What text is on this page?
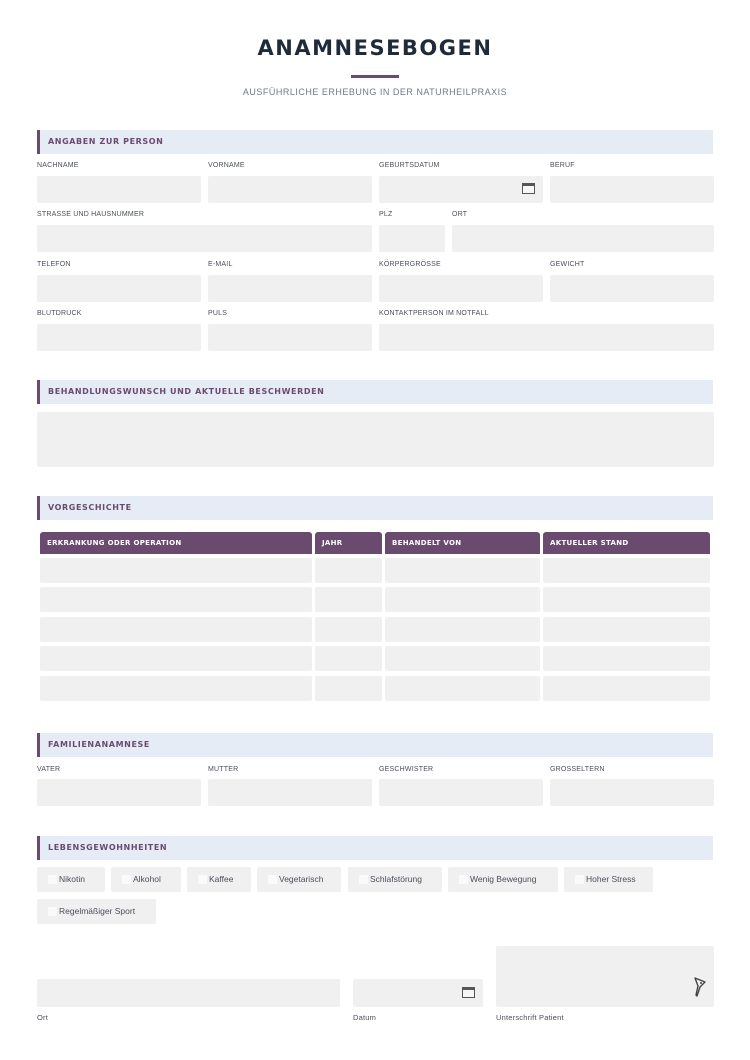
ANAMNESEBOGEN
AUSFÜHRLICHE ERHEBUNG IN DER NATURHEILPRAXIS
ANGABEN ZUR PERSON
NACHNAME	VORNAME	GEBURTSDATUM	BERUF
STRASSE UND HAUSNUMMER	PLZ	ORT
TELEFON	E-MAIL	KÖRPERGRÖSSE	GEWICHT
BLUTDRUCK	PULS	KONTAKTPERSON IM NOTFALL
BEHANDLUNGSWUNSCH UND AKTUELLE BESCHWERDEN
VORGESCHICHTE
ERKRANKUNG ODER OPERATION	JAHR	BEHANDELT VON	AKTUELLER STAND
FAMILIENANAMNESE
VATER	MUTTER	GESCHWISTER	GROSSELTERN
LEBENSGEWOHNHEITEN
Nikotin	Alkohol	Kaffee	Vegetarisch	Schlafstörung	Wenig Bewegung	Hoher Stress
Regelmäßiger Sport
Ort	Datum	Unterschrift Patient
